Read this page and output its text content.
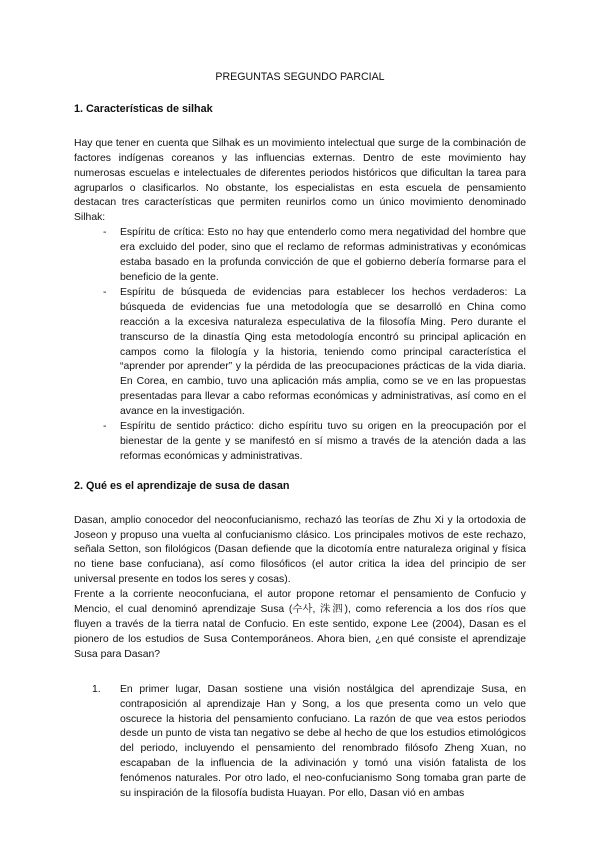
PREGUNTAS SEGUNDO PARCIAL
1. Características de silhak

Hay que tener en cuenta que Silhak es un movimiento intelectual que surge de la combinación de factores indígenas coreanos y las influencias externas. Dentro de este movimiento hay numerosas escuelas e intelectuales de diferentes periodos históricos que dificultan la tarea para agruparlos o clasificarlos. No obstante, los especialistas en esta escuela de pensamiento destacan tres características que permiten reunirlos como un único movimiento denominado Silhak:

- Espíritu de crítica: Esto no hay que entenderlo como mera negatividad del hombre que era excluido del poder, sino que el reclamo de reformas administrativas y económicas estaba basado en la profunda convicción de que el gobierno debería formarse para el beneficio de la gente.
- Espíritu de búsqueda de evidencias para establecer los hechos verdaderos: La búsqueda de evidencias fue una metodología que se desarrolló en China como reacción a la excesiva naturaleza especulativa de la filosofía Ming. Pero durante el transcurso de la dinastía Qing esta metodología encontró su principal aplicación en campos como la filología y la historia, teniendo como principal característica el “aprender por aprender” y la pérdida de las preocupaciones prácticas de la vida diaria. En Corea, en cambio, tuvo una aplicación más amplia, como se ve en las propuestas presentadas para llevar a cabo reformas económicas y administrativas, así como en el avance en la investigación.
- Espíritu de sentido práctico: dicho espíritu tuvo su origen en la preocupación por el bienestar de la gente y se manifestó en sí mismo a través de la atención dada a las reformas económicas y administrativas.
2. Qué es el aprendizaje de susa de dasan

Dasan, amplio conocedor del neoconfucianismo, rechazó las teorías de Zhu Xi y la ortodoxia de Joseon y propuso una vuelta al confucianismo clásico. Los principales motivos de este rechazo, señala Setton, son filológicos (Dasan defiende que la dicotomía entre naturaleza original y física no tiene base confuciana), así como filosóficos (el autor critica la idea del principio de ser universal presente en todos los seres y cosas).

Frente a la corriente neoconfuciana, el autor propone retomar el pensamiento de Confucio y Mencio, el cual denominó aprendizaje Susa (수사, 洙泗), como referencia a los dos ríos que fluyen a través de la tierra natal de Confucio. En este sentido, expone Lee (2004), Dasan es el pionero de los estudios de Susa Contemporáneos. Ahora bien, ¿en qué consiste el aprendizaje Susa para Dasan?

1. En primer lugar, Dasan sostiene una visión nostálgica del aprendizaje Susa, en contraposición al aprendizaje Han y Song, a los que presenta como un velo que oscurece la historia del pensamiento confuciano. La razón de que vea estos periodos desde un punto de vista tan negativo se debe al hecho de que los estudios etimológicos del periodo, incluyendo el pensamiento del renombrado filósofo Zheng Xuan, no escapaban de la influencia de la adivinación y tomó una visión fatalista de los fenómenos naturales. Por otro lado, el neo-confucianismo Song tomaba gran parte de su inspiración de la filosofía budista Huayan. Por ello, Dasan vió en ambas
